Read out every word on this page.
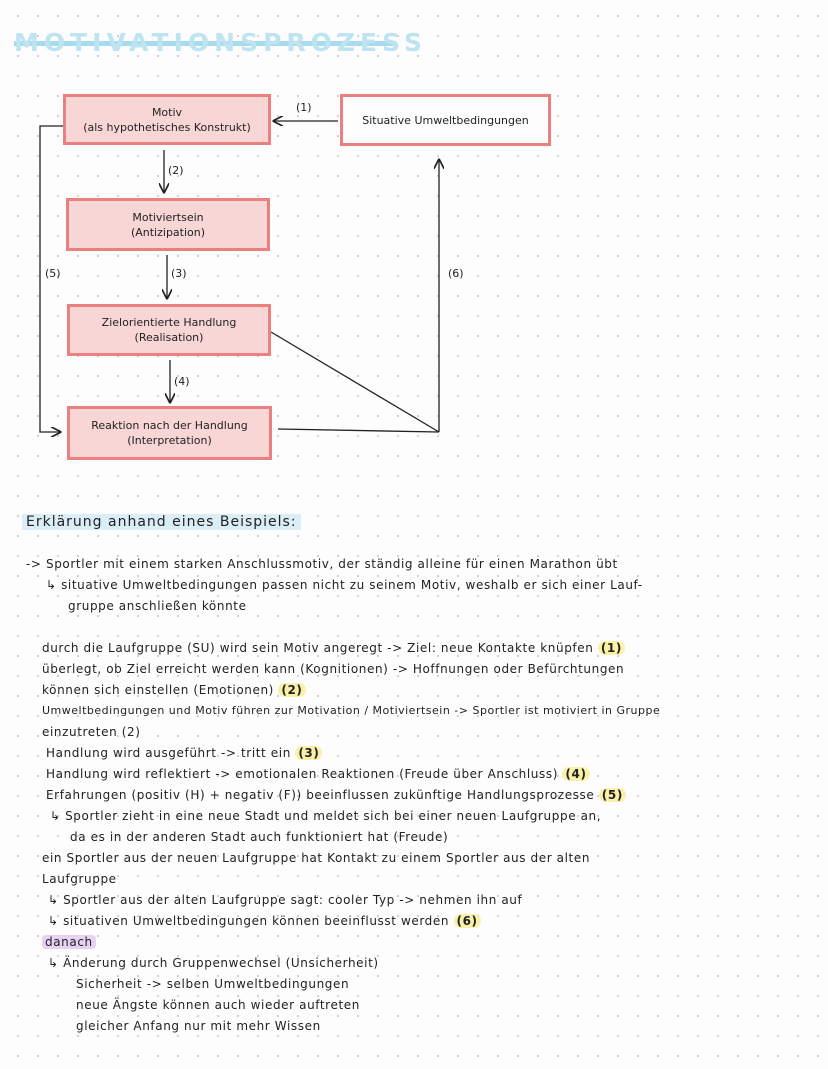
MOTIVATIONSPROZESS
Motiv
(als hypothetisches Konstrukt)
Situative Umweltbedingungen
Motiviertsein
(Antizipation)
Zielorientierte Handlung
(Realisation)
Reaktion nach der Handlung
(Interpretation)
(1)
(2)
(3)
(4)
(5)	(6)
Erklärung anhand eines Beispiels:
-> Sportler mit einem starken Anschlussmotiv, der ständig alleine für einen Marathon übt
↳ situative Umweltbedingungen passen nicht zu seinem Motiv, weshalb er sich einer Lauf-
gruppe anschließen könnte
durch die Laufgruppe (SU) wird sein Motiv angeregt -> Ziel: neue Kontakte knüpfen (1)
überlegt, ob Ziel erreicht werden kann (Kognitionen) -> Hoffnungen oder Befürchtungen
können sich einstellen (Emotionen) (2)
Umweltbedingungen und Motiv führen zur Motivation / Motiviertsein -> Sportler ist motiviert in Gruppe
einzutreten (2)
Handlung wird ausgeführt -> tritt ein (3)
Handlung wird reflektiert -> emotionalen Reaktionen (Freude über Anschluss) (4)
Erfahrungen (positiv (H) + negativ (F)) beeinflussen zukünftige Handlungsprozesse (5)
↳ Sportler zieht in eine neue Stadt und meldet sich bei einer neuen Laufgruppe an,
da es in der anderen Stadt auch funktioniert hat (Freude)
ein Sportler aus der neuen Laufgruppe hat Kontakt zu einem Sportler aus der alten
Laufgruppe
↳ Sportler aus der alten Laufgruppe sagt: cooler Typ -> nehmen ihn auf
↳ situativen Umweltbedingungen können beeinflusst werden (6)
danach
↳ Änderung durch Gruppenwechsel (Unsicherheit)
Sicherheit -> selben Umweltbedingungen
neue Ängste können auch wieder auftreten
gleicher Anfang nur mit mehr Wissen
